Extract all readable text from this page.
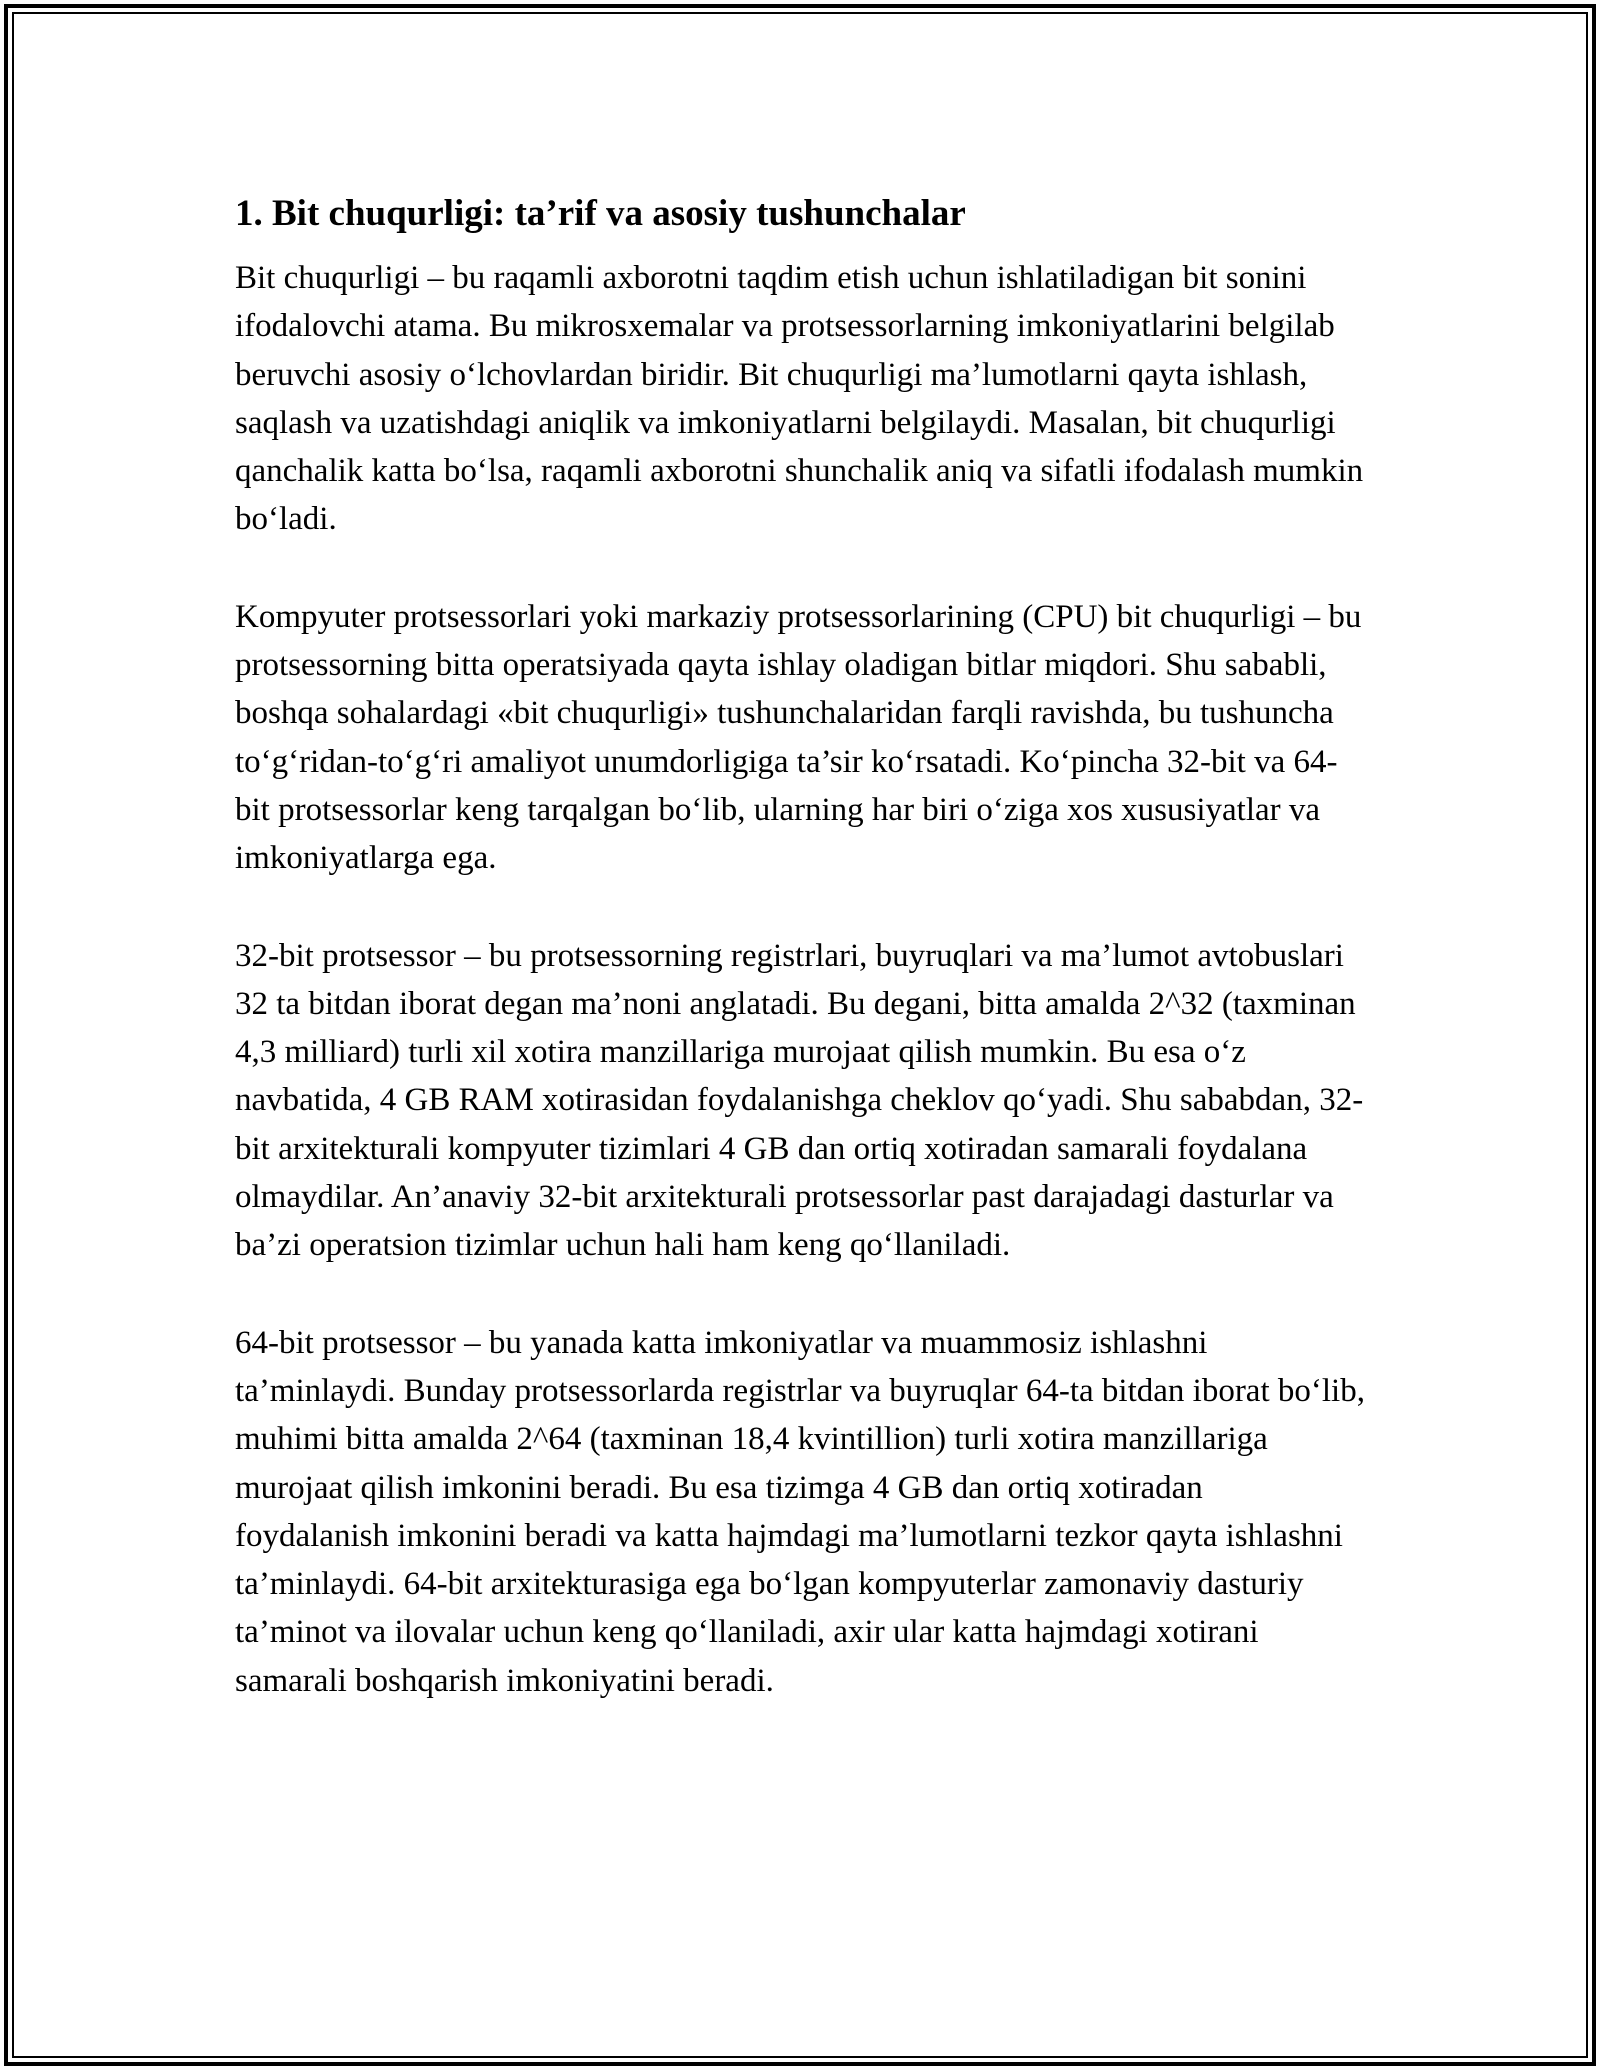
1. Bit chuqurligi: ta’rif va asosiy tushunchalar

Bit chuqurligi – bu raqamli axborotni taqdim etish uchun ishlatiladigan bit sonini ifodalovchi atama. Bu mikrosxemalar va protsessorlarning imkoniyatlarini belgilab beruvchi asosiy o‘lchovlardan biridir. Bit chuqurligi ma’lumotlarni qayta ishlash, saqlash va uzatishdagi aniqlik va imkoniyatlarni belgilaydi. Masalan, bit chuqurligi qanchalik katta bo‘lsa, raqamli axborotni shunchalik aniq va sifatli ifodalash mumkin bo‘ladi.

Kompyuter protsessorlari yoki markaziy protsessorlarining (CPU) bit chuqurligi – bu protsessorning bitta operatsiyada qayta ishlay oladigan bitlar miqdori. Shu sababli, boshqa sohalardagi «bit chuqurligi» tushunchalaridan farqli ravishda, bu tushuncha to‘g‘ridan-to‘g‘ri amaliyot unumdorligiga ta’sir ko‘rsatadi. Ko‘pincha 32-bit va 64-bit protsessorlar keng tarqalgan bo‘lib, ularning har biri o‘ziga xos xususiyatlar va imkoniyatlarga ega.

32-bit protsessor – bu protsessorning registrlari, buyruqlari va ma’lumot avtobuslari 32 ta bitdan iborat degan ma’noni anglatadi. Bu degani, bitta amalda 2^32 (taxminan 4,3 milliard) turli xil xotira manzillariga murojaat qilish mumkin. Bu esa o‘z navbatida, 4 GB RAM xotirasidan foydalanishga cheklov qo‘yadi. Shu sababdan, 32-bit arxitekturali kompyuter tizimlari 4 GB dan ortiq xotiradan samarali foydalana olmaydilar. An’anaviy 32-bit arxitekturali protsessorlar past darajadagi dasturlar va ba’zi operatsion tizimlar uchun hali ham keng qo‘llaniladi.

64-bit protsessor – bu yanada katta imkoniyatlar va muammosiz ishlashni ta’minlaydi. Bunday protsessorlarda registrlar va buyruqlar 64-ta bitdan iborat bo‘lib, muhimi bitta amalda 2^64 (taxminan 18,4 kvintillion) turli xotira manzillariga murojaat qilish imkonini beradi. Bu esa tizimga 4 GB dan ortiq xotiradan foydalanish imkonini beradi va katta hajmdagi ma’lumotlarni tezkor qayta ishlashni ta’minlaydi. 64-bit arxitekturasiga ega bo‘lgan kompyuterlar zamonaviy dasturiy ta’minot va ilovalar uchun keng qo‘llaniladi, axir ular katta hajmdagi xotirani samarali boshqarish imkoniyatini beradi.
